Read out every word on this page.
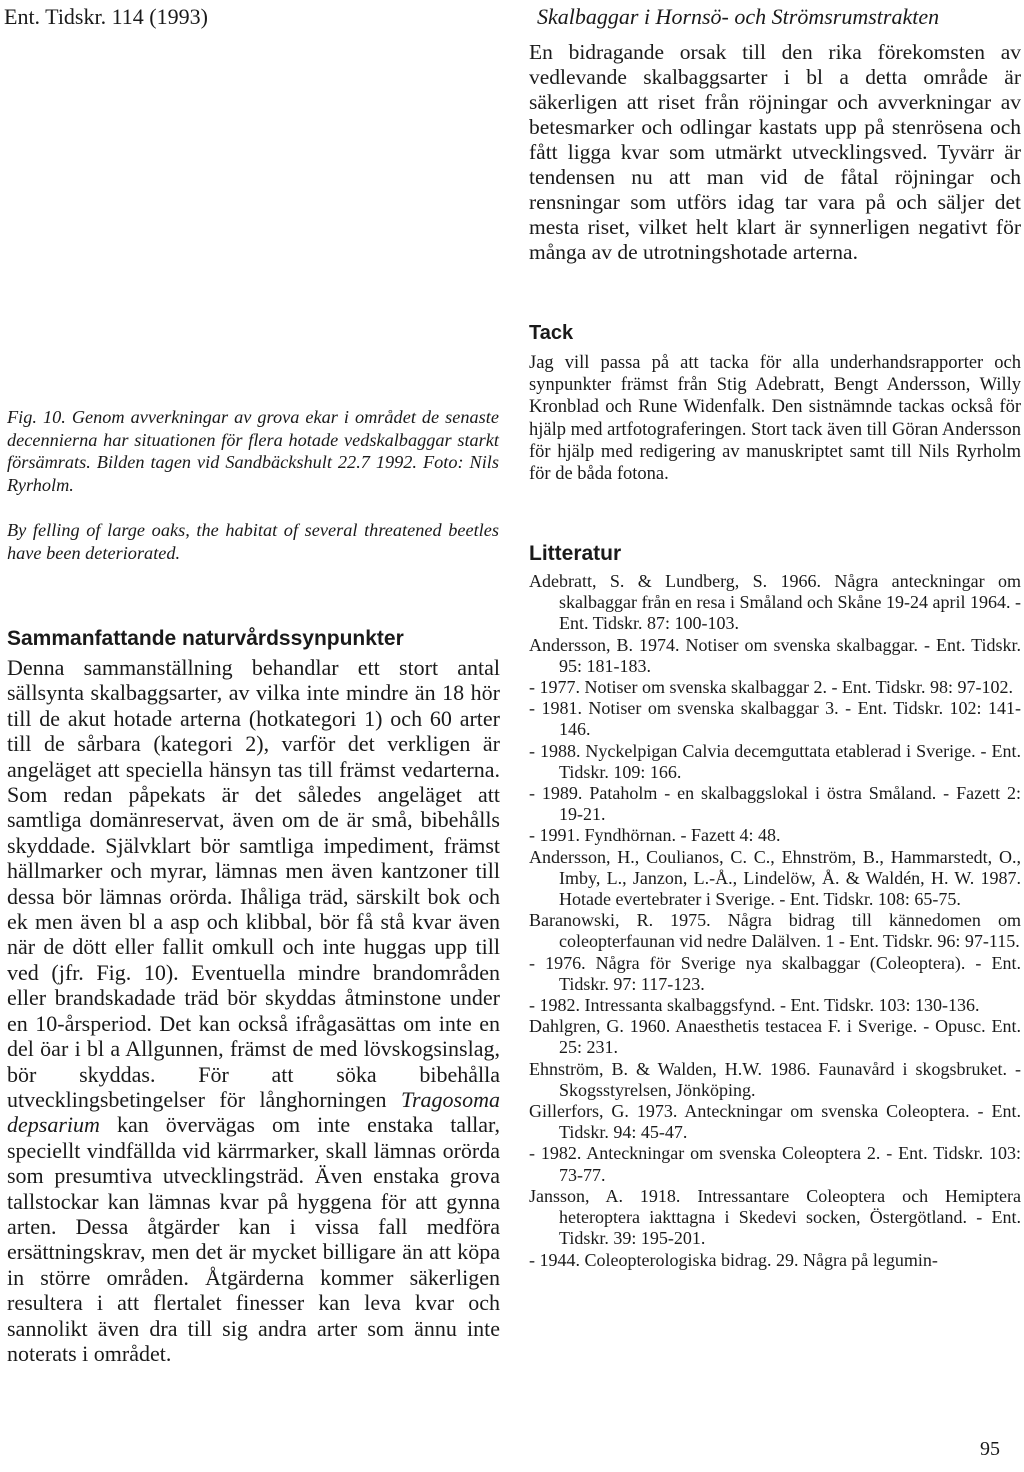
Ent. Tidskr. 114 (1993)	Skalbaggar i Hornsö- och Strömsrumstrakten
En bidragande orsak till den rika förekomsten av vedlevande skalbaggsarter i bl a detta område är säkerligen att riset från röjningar och avverkningar av betesmarker och odlingar kastats upp på stenrösena och fått ligga kvar som utmärkt utvecklingsved. Tyvärr är tendensen nu att man vid de fåtal röjningar och rensningar som utförs idag tar vara på och säljer det mesta riset, vilket helt klart är synnerligen negativt för många av de utrotningshotade arterna.
Tack
Jag vill passa på att tacka för alla underhandsrapporter och synpunkter främst från Stig Adebratt, Bengt Andersson, Willy Kronblad och Rune Widenfalk. Den sistnämnde tackas också för hjälp med artfotograferingen. Stort tack även till Göran Andersson för hjälp med redigering av manuskriptet samt till Nils Ryrholm för de båda fotona.
Fig. 10. Genom avverkningar av grova ekar i området de senaste decennierna har situationen för flera hotade vedskalbaggar starkt försämrats. Bilden tagen vid Sandbäckshult 22.7 1992. Foto: Nils Ryrholm.
By felling of large oaks, the habitat of several threatened beetles have been deteriorated.
Sammanfattande naturvårdssynpunkter
Denna sammanställning behandlar ett stort antal sällsynta skalbaggsarter, av vilka inte mindre än 18 hör till de akut hotade arterna (hotkategori 1) och 60 arter till de sårbara (kategori 2), varför det verkligen är angeläget att speciella hänsyn tas till främst vedarterna. Som redan påpekats är det således angeläget att samtliga domänreservat, även om de är små, bibehålls skyddade. Självklart bör samtliga impediment, främst hällmarker och myrar, lämnas men även kantzoner till dessa bör lämnas orörda. Ihåliga träd, särskilt bok och ek men även bl a asp och klibbal, bör få stå kvar även när de dött eller fallit omkull och inte huggas upp till ved (jfr. Fig. 10). Eventuella mindre brandområden eller brandskadade träd bör skyddas åtminstone under en 10-årsperiod. Det kan också ifrågasättas om inte en del öar i bl a Allgunnen, främst de med lövskogsinslag, bör skyddas. För att söka bibehålla utvecklingsbetingelser för långhorningen Tragosoma depsarium kan övervägas om inte enstaka tallar, speciellt vindfällda vid kärrmarker, skall lämnas orörda som presumtiva utvecklingsträd. Även enstaka grova tallstockar kan lämnas kvar på hyggena för att gynna arten. Dessa åtgärder kan i vissa fall medföra ersättningskrav, men det är mycket billigare än att köpa in större områden. Åtgärderna kommer säkerligen resultera i att flertalet finesser kan leva kvar och sannolikt även dra till sig andra arter som ännu inte noterats i området.
Litteratur
Adebratt, S. & Lundberg, S. 1966. Några anteckningar om skalbaggar från en resa i Småland och Skåne 19-24 april 1964. - Ent. Tidskr. 87: 100-103.
Andersson, B. 1974. Notiser om svenska skalbaggar. - Ent. Tidskr. 95: 181-183.
- 1977. Notiser om svenska skalbaggar 2. - Ent. Tidskr. 98: 97-102.
- 1981. Notiser om svenska skalbaggar 3. - Ent. Tidskr. 102: 141-146.
- 1988. Nyckelpigan Calvia decemguttata etablerad i Sverige. - Ent. Tidskr. 109: 166.
- 1989. Pataholm - en skalbaggslokal i östra Småland. - Fazett 2: 19-21.
- 1991. Fyndhörnan. - Fazett 4: 48.
Andersson, H., Coulianos, C. C., Ehnström, B., Hammarstedt, O., Imby, L., Janzon, L.-Å., Lindelöw, Å. & Waldén, H. W. 1987. Hotade evertebrater i Sverige. - Ent. Tidskr. 108: 65-75.
Baranowski, R. 1975. Några bidrag till kännedomen om coleopterfaunan vid nedre Dalälven. 1 - Ent. Tidskr. 96: 97-115.
- 1976. Några för Sverige nya skalbaggar (Coleoptera). - Ent. Tidskr. 97: 117-123.
- 1982. Intressanta skalbaggsfynd. - Ent. Tidskr. 103: 130-136.
Dahlgren, G. 1960. Anaesthetis testacea F. i Sverige. - Opusc. Ent. 25: 231.
Ehnström, B. & Walden, H.W. 1986. Faunavård i skogsbruket. - Skogsstyrelsen, Jönköping.
Gillerfors, G. 1973. Anteckningar om svenska Coleoptera. - Ent. Tidskr. 94: 45-47.
- 1982. Anteckningar om svenska Coleoptera 2. - Ent. Tidskr. 103: 73-77.
Jansson, A. 1918. Intressantare Coleoptera och Hemiptera heteroptera iakttagna i Skedevi socken, Östergötland. - Ent. Tidskr. 39: 195-201.
- 1944. Coleopterologiska bidrag. 29. Några på legumin-
95
